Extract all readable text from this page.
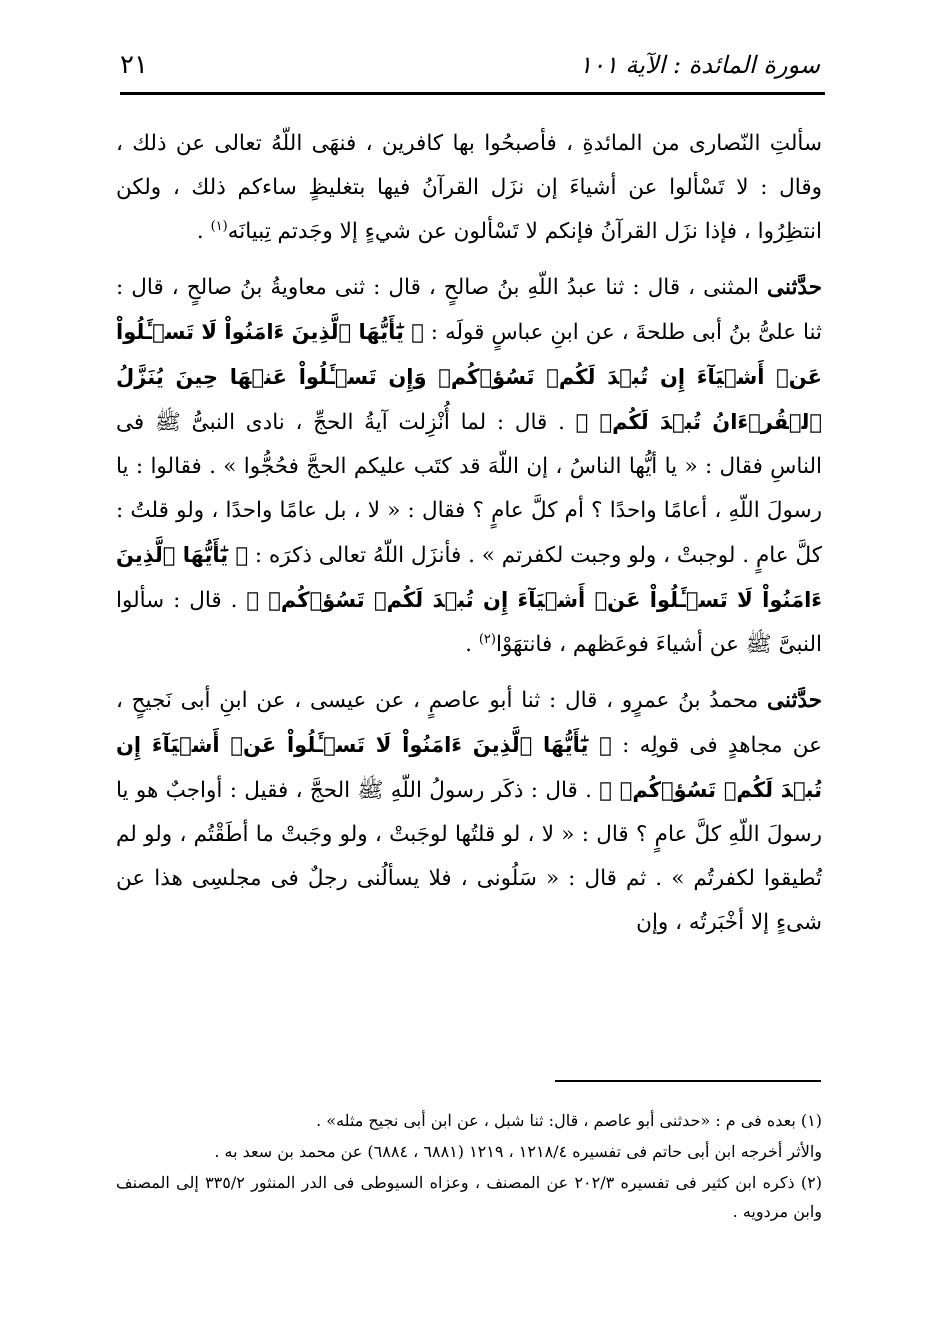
سورة المائدة : الآية ١٠١
٢١

سألتِ النّصارى من المائدةِ ، فأصبحُوا بها كافرين ، فنهَى اللّهُ تعالى عن ذلك ، وقال : لا تَسْألوا عن أشياءَ إن نزَل القرآنُ فيها بتغليظٍ ساءكم ذلك ، ولكن انتظِرُوا ، فإذا نزَل القرآنُ فإنكم لا تَسْألون عن شيءٍ إلا وجَدتم تِبيانَه$^{(١)}$ .

حدَّثنى المثنى ، قال : ثنا عبدُ اللّهِ بنُ صالحٍ ، قال : ثنى معاويةُ بنُ صالحٍ ، قال : ثنا علىُّ بنُ أبى طلحةَ ، عن ابنِ عباسٍ قولَه : ﴿ يَٰٓأَيُّهَا ٱلَّذِينَ ءَامَنُواْ لَا تَسۡـَٔلُواْ عَنۡ أَشۡيَآءَ إِن تُبۡدَ لَكُمۡ تَسُؤۡكُمۡ وَإِن تَسۡـَٔلُواْ عَنۡهَا حِينَ يُنَزَّلُ ٱلۡقُرۡءَانُ تُبۡدَ لَكُمۡ ﴾ . قال : لما أُنْزِلت آيةُ الحجِّ ، نادى النبىُّ ﷺ فى الناسِ فقال : « يا أيُّها الناسُ ، إن اللّهَ قد كتَب عليكم الحجَّ فحُجُّوا » . فقالوا : يا رسولَ اللّهِ ، أعامًا واحدًا ؟ أم كلَّ عامٍ ؟ فقال : « لا ، بل عامًا واحدًا ، ولو قلتُ : كلَّ عامٍ . لوجبتْ ، ولو وجبت لكفرتم » . فأنزَل اللّهُ تعالى ذكرَه : ﴿ يَٰٓأَيُّهَا ٱلَّذِينَ ءَامَنُواْ لَا تَسۡـَٔلُواْ عَنۡ أَشۡيَآءَ إِن تُبۡدَ لَكُمۡ تَسُؤۡكُمۡ ﴾ . قال : سألوا النبىَّ ﷺ عن أشياءَ فوعَظهم ، فانتهَوْا$^{(٢)}$ .

حدَّثنى محمدُ بنُ عمرٍو ، قال : ثنا أبو عاصمٍ ، عن عيسى ، عن ابنِ أبى نَجيحٍ ، عن مجاهدٍ فى قولِه : ﴿ يَٰٓأَيُّهَا ٱلَّذِينَ ءَامَنُواْ لَا تَسۡـَٔلُواْ عَنۡ أَشۡيَآءَ إِن تُبۡدَ لَكُمۡ تَسُؤۡكُمۡ ﴾ . قال : ذكَر رسولُ اللّهِ ﷺ الحجَّ ، فقيل : أواجبٌ هو يا رسولَ اللّهِ كلَّ عامٍ ؟ قال : « لا ، لو قلتُها لوجَبتْ ، ولو وجَبتْ ما أطَقْتُم ، ولو لم تُطيقوا لكفرتُم » . ثم قال : « سَلُونى ، فلا يسألُنى رجلٌ فى مجلسِى هذا عن شىءٍ إلا أخْبَرتُه ، وإن

(١) بعده فى م : «حدثنى أبو عاصم ، قال: ثنا شبل ، عن ابن أبى نجيح مثله» .

والأثر أخرجه ابن أبى حاتم فى تفسيره ١٢١٨/٤ ، ١٢١٩ (٦٨٨١ ، ٦٨٨٤) عن محمد بن سعد به .

(٢) ذكره ابن كثير فى تفسيره ٢٠٢/٣ عن المصنف ، وعزاه السيوطى فى الدر المنثور ٣٣٥/٢ إلى المصنف وابن مردويه .
